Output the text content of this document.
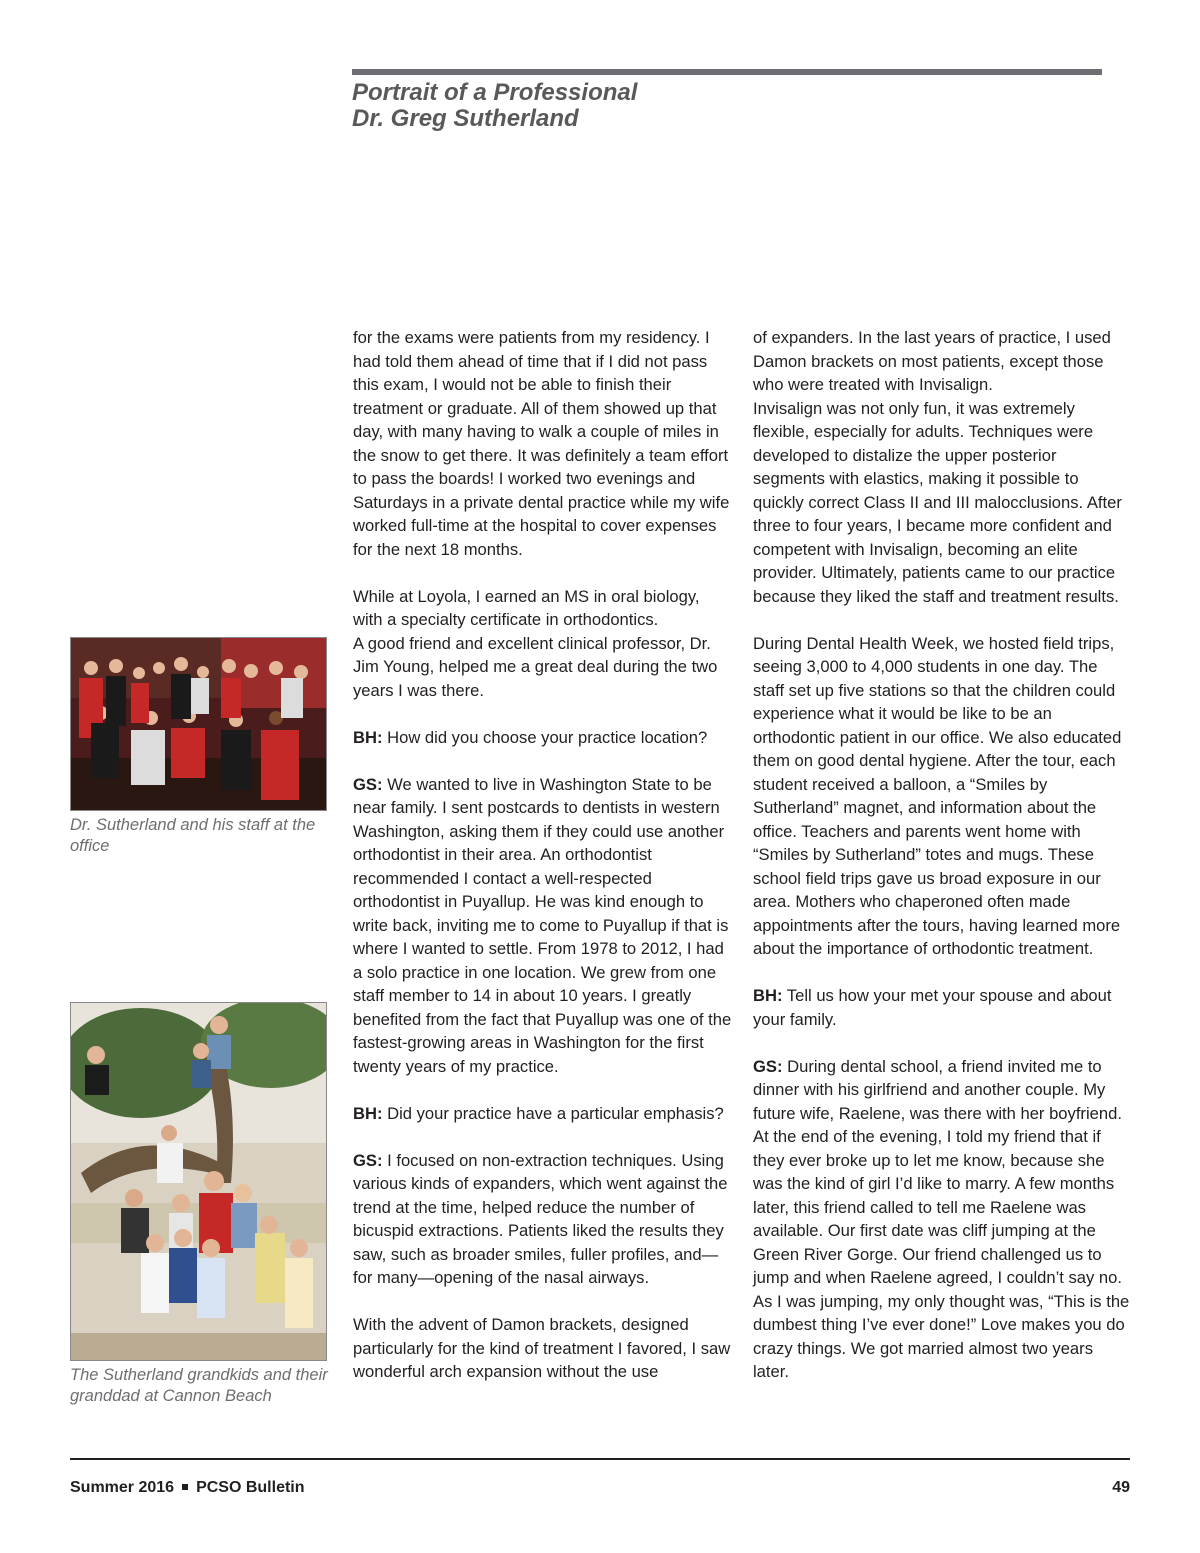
Portrait of a Professional
Dr. Greg Sutherland
Dr. Sutherland and his staff at the office
The Sutherland grandkids and their granddad at Cannon Beach

for the exams were patients from my residency. I had told them ahead of time that if I did not pass this exam, I would not be able to finish their treatment or graduate. All of them showed up that day, with many having to walk a couple of miles in the snow to get there. It was definitely a team effort to pass the boards! I worked two evenings and Saturdays in a private dental practice while my wife worked full-time at the hospital to cover expenses for the next 18 months.

While at Loyola, I earned an MS in oral biology, with a specialty certificate in orthodontics.

A good friend and excellent clinical professor, Dr. Jim Young, helped me a great deal during the two years I was there.

BH: How did you choose your practice location?

GS: We wanted to live in Washington State to be near family. I sent postcards to dentists in western Washington, asking them if they could use another orthodontist in their area. An orthodontist recommended I contact a well-respected orthodontist in Puyallup. He was kind enough to write back, inviting me to come to Puyallup if that is where I wanted to settle. From 1978 to 2012, I had a solo practice in one location. We grew from one staff member to 14 in about 10 years. I greatly benefited from the fact that Puyallup was one of the fastest-growing areas in Washington for the first twenty years of my practice.

BH: Did your practice have a particular emphasis?

GS: I focused on non-extraction techniques. Using various kinds of expanders, which went against the trend at the time, helped reduce the number of bicuspid extractions. Patients liked the results they saw, such as broader smiles, fuller profiles, and—for many—opening of the nasal airways.

With the advent of Damon brackets, designed particularly for the kind of treatment I favored, I saw wonderful arch expansion without the use

of expanders. In the last years of practice, I used Damon brackets on most patients, except those who were treated with Invisalign.

Invisalign was not only fun, it was extremely flexible, especially for adults. Techniques were developed to distalize the upper posterior segments with elastics, making it possible to quickly correct Class II and III malocclusions. After three to four years, I became more confident and competent with Invisalign, becoming an elite provider. Ultimately, patients came to our practice because they liked the staff and treatment results.

During Dental Health Week, we hosted field trips, seeing 3,000 to 4,000 students in one day. The staff set up five stations so that the children could experience what it would be like to be an orthodontic patient in our office. We also educated them on good dental hygiene. After the tour, each student received a balloon, a “Smiles by Sutherland” magnet, and information about the office. Teachers and parents went home with “Smiles by Sutherland” totes and mugs. These school field trips gave us broad exposure in our area. Mothers who chaperoned often made appointments after the tours, having learned more about the importance of orthodontic treatment.

BH: Tell us how your met your spouse and about your family.

GS: During dental school, a friend invited me to dinner with his girlfriend and another couple. My future wife, Raelene, was there with her boyfriend. At the end of the evening, I told my friend that if they ever broke up to let me know, because she was the kind of girl I’d like to marry. A few months later, this friend called to tell me Raelene was available. Our first date was cliff jumping at the Green River Gorge. Our friend challenged us to jump and when Raelene agreed, I couldn’t say no. As I was jumping, my only thought was, “This is the dumbest thing I’ve ever done!” Love makes you do crazy things. We got married almost two years later.

Summer 2016 PCSO Bulletin	49
